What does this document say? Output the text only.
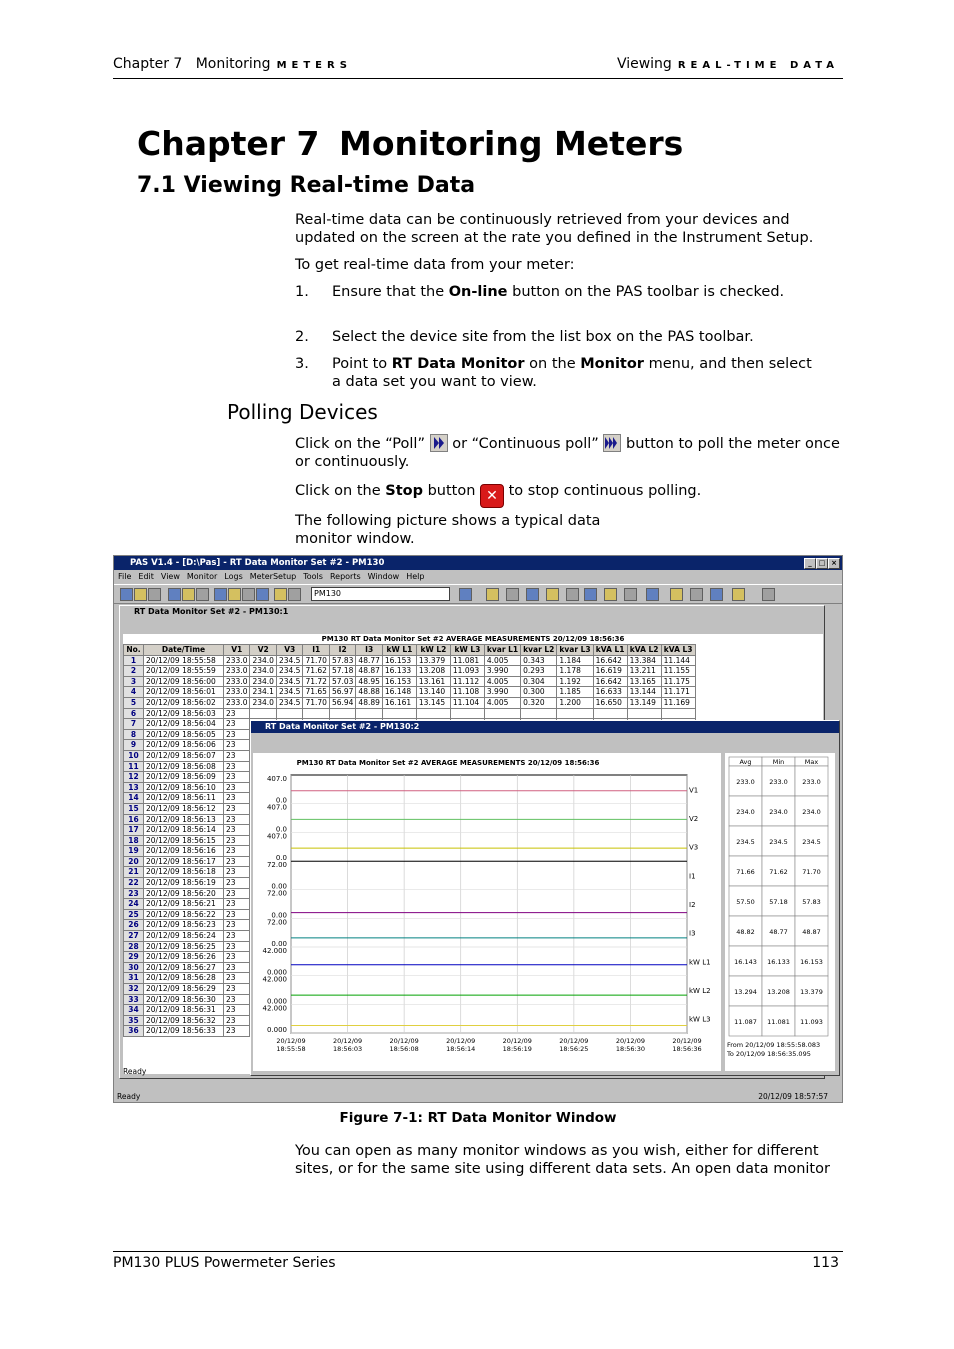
Chapter 7 Monitoring METERS	Viewing REAL-TIME DATA
Chapter 7 Monitoring Meters
7.1 Viewing Real-time Data
Real-time data can be continuously retrieved from your devices and updated on the screen at the rate you defined in the Instrument Setup.
To get real-time data from your meter:
1. Ensure that the On-line button on the PAS toolbar is checked.
2. Select the device site from the list box on the PAS toolbar.
3. Point to RT Data Monitor on the Monitor menu, and then select a data set you want to view.
Polling Devices
Click on the “Poll” or “Continuous poll” button to poll the meter once or continuously.
Click on the Stop button ✕ to stop continuous polling.
The following picture shows a typical data monitor window.
PAS V1.4 - [D:\Pas] - RT Data Monitor Set #2 - PM130	_ □ ×
File Edit View Monitor Logs MeterSetup Tools Reports Window Help
PM130
RT Data Monitor Set #2 - PM130:1
PM130 RT Data Monitor Set #2 AVERAGE MEASUREMENTS 20/12/09 18:56:36
No.	Date/Time	V1	V2	V3	I1	I2	I3	kW L1	kW L2	kW L3	kvar L1	kvar L2	kvar L3	kVA L1	kVA L2	kVA L3
1	20/12/09 18:55:58	233.0	234.0	234.5	71.70	57.83	48.77	16.153	13.379	11.081	4.005	0.343	1.184	16.642	13.384	11.144
2	20/12/09 18:55:59	233.0	234.0	234.5	71.62	57.18	48.87	16.133	13.208	11.093	3.990	0.293	1.178	16.619	13.211	11.155
3	20/12/09 18:56:00	233.0	234.0	234.5	71.72	57.03	48.95	16.153	13.161	11.112	4.005	0.304	1.192	16.642	13.165	11.175
4	20/12/09 18:56:01	233.0	234.1	234.5	71.65	56.97	48.88	16.148	13.140	11.108	3.990	0.300	1.185	16.633	13.144	11.171
5	20/12/09 18:56:02	233.0	234.0	234.5	71.70	56.94	48.89	16.161	13.145	11.104	4.005	0.320	1.200	16.650	13.149	11.169
6	20/12/09 18:56:03	23														
7	20/12/09 18:56:04	23														
8	20/12/09 18:56:05	23														
9	20/12/09 18:56:06	23														
10	20/12/09 18:56:07	23														
11	20/12/09 18:56:08	23														
12	20/12/09 18:56:09	23														
13	20/12/09 18:56:10	23														
14	20/12/09 18:56:11	23														
15	20/12/09 18:56:12	23														
16	20/12/09 18:56:13	23														
17	20/12/09 18:56:14	23														
18	20/12/09 18:56:15	23														
19	20/12/09 18:56:16	23														
20	20/12/09 18:56:17	23														
21	20/12/09 18:56:18	23														
22	20/12/09 18:56:19	23														
23	20/12/09 18:56:20	23														
24	20/12/09 18:56:21	23														
25	20/12/09 18:56:22	23														
26	20/12/09 18:56:23	23														
27	20/12/09 18:56:24	23														
28	20/12/09 18:56:25	23														
29	20/12/09 18:56:26	23														
30	20/12/09 18:56:27	23														
31	20/12/09 18:56:28	23														
32	20/12/09 18:56:29	23														
33	20/12/09 18:56:30	23														
34	20/12/09 18:56:31	23														
35	20/12/09 18:56:32	23														
36	20/12/09 18:56:33	23														
Ready
RT Data Monitor Set #2 - PM130:2
PM130 RT Data Monitor Set #2 AVERAGE MEASUREMENTS 20/12/09 18:56:36
407.0
0.0
V1
407.0
0.0
V2
407.0
0.0
V3
72.00
0.00
I1
72.00
0.00
I2
72.00
0.00
I3
42.000
0.000
kW L1
42.000
0.000
kW L2
42.000
0.000
kW L3
20/12/09
18:55:58
20/12/09
18:56:03
20/12/09
18:56:08
20/12/09
18:56:14
20/12/09
18:56:19
20/12/09
18:56:25
20/12/09
18:56:30
20/12/09
18:56:36
Avg	Min	Max
233.0 233.0 233.0
234.0 234.0 234.0
234.5 234.5 234.5
71.66 71.62 71.70
57.50 57.18 57.83
48.82 48.77 48.87
16.143 16.133 16.153
13.294 13.208 13.379
11.087 11.081 11.093
From 20/12/09 18:55:58.083
To 20/12/09 18:56:35.095
Ready	20/12/09 18:57:57
Figure 7-1: RT Data Monitor Window
You can open as many monitor windows as you wish, either for different sites, or for the same site using different data sets. An open data monitor
PM130 PLUS Powermeter Series	113
